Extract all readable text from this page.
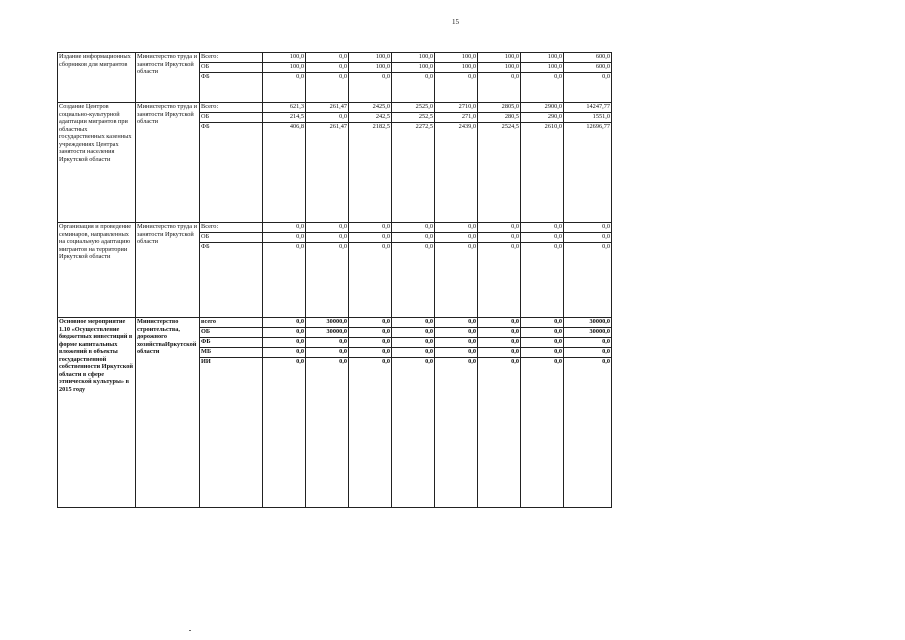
15
Издание информационных сборников для мигрантов	Министерство труда и занятости Иркутской области	Всего:	100,0	0,0	100,0	100,0	100,0	100,0	100,0	600,0
		ОБ	100,0	0,0	100,0	100,0	100,0	100,0	100,0	600,0
		ФБ	0,0	0,0	0,0	0,0	0,0	0,0	0,0	0,0
Создание Центров социально-культурной адаптации мигрантов при областных государственных казенных учреждениях Центрах занятости населения Иркутской области	Министерство труда и занятости Иркутской области	Всего:	621,3	261,47	2425,0	2525,0	2710,0	2805,0	2900,0	14247,77
		ОБ	214,5	0,0	242,5	252,5	271,0	280,5	290,0	1551,0
		ФБ	406,8	261,47	2182,5	2272,5	2439,0	2524,5	2610,0	12696,77
Организация и проведение семинаров, направленных на социальную адаптацию мигрантов на территории Иркутской области	Министерство труда и занятости Иркутской области	Всего:	0,0	0,0	0,0	0,0	0,0	0,0	0,0	0,0
		ОБ	0,0	0,0	0,0	0,0	0,0	0,0	0,0	0,0
		ФБ	0,0	0,0	0,0	0,0	0,0	0,0	0,0	0,0
Основное мероприятие 1.10 «Осуществление бюджетных инвестиций в форме капитальных вложений в объекты государственной собственности Иркутской области в сфере этнической культуры» в 2015 году	Министерство строительства, дорожного хозяйстваИркутской области	всего	0,0	30000,0	0,0	0,0	0,0	0,0	0,0	30000,0
		ОБ	0,0	30000,0	0,0	0,0	0,0	0,0	0,0	30000,0
		ФБ	0,0	0,0	0,0	0,0	0,0	0,0	0,0	0,0
		МБ	0,0	0,0	0,0	0,0	0,0	0,0	0,0	0,0
		ИИ	0,0	0,0	0,0	0,0	0,0	0,0	0,0	0,0
